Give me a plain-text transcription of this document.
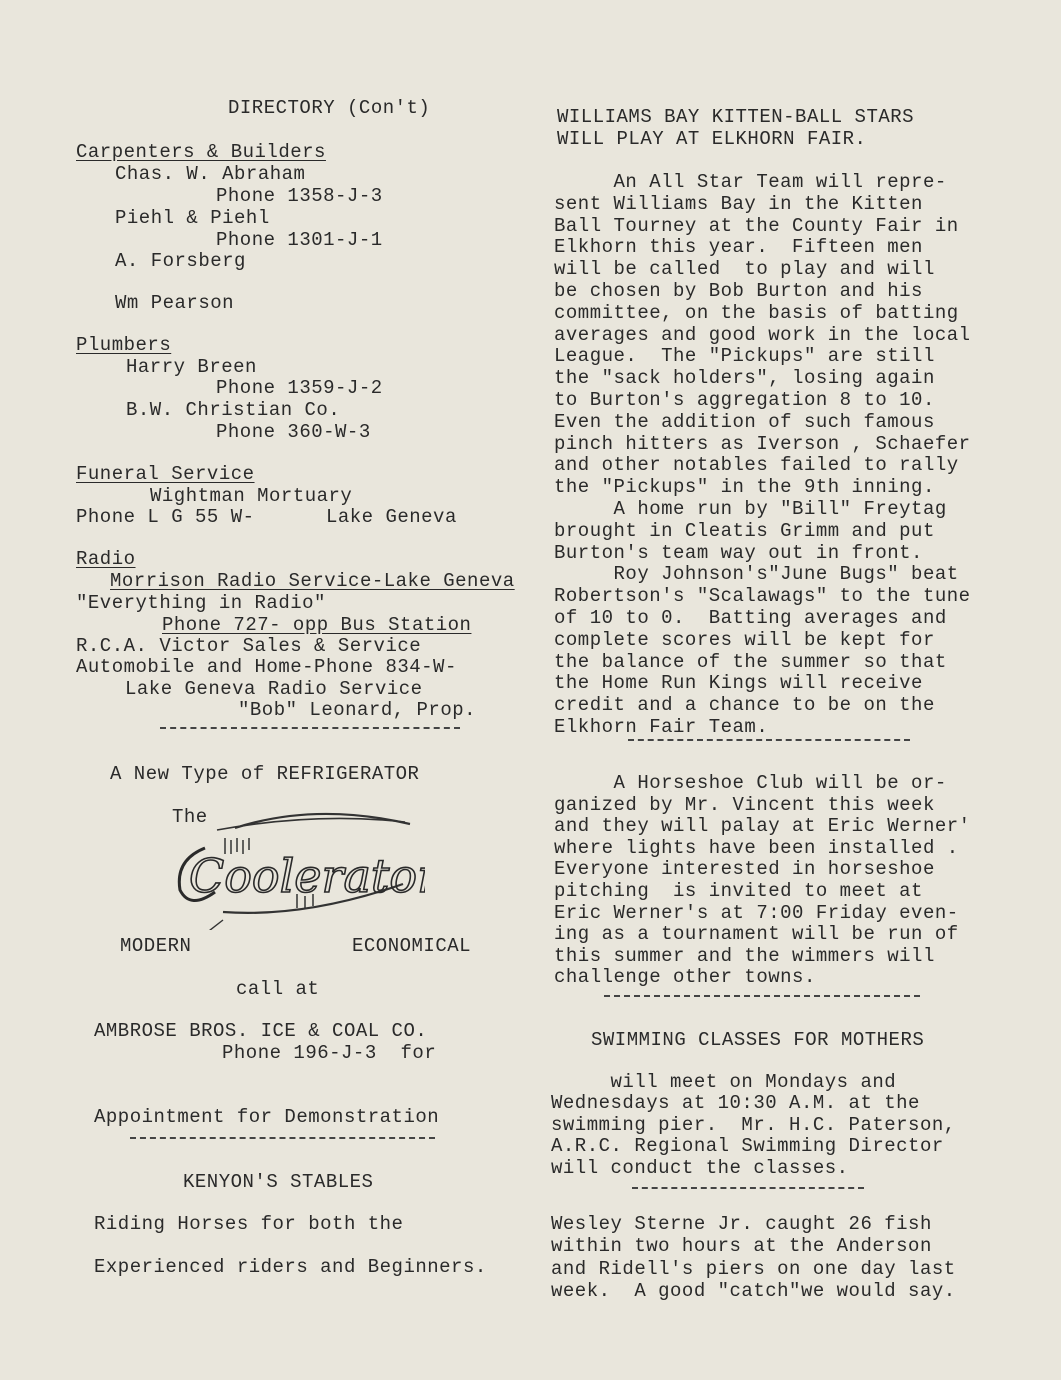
DIRECTORY (Con't)
Carpenters & Builders
Chas. W. Abraham
Phone 1358-J-3
Piehl & Piehl
Phone 1301-J-1
A. Forsberg
Wm Pearson
Plumbers
Harry Breen
Phone 1359-J-2
B.W. Christian Co.
Phone 360-W-3
Funeral Service
Wightman Mortuary
Phone L G 55 W-      Lake Geneva
Radio
Morrison Radio Service-Lake Geneva
"Everything in Radio"
Phone 727- opp Bus Station
R.C.A. Victor Sales & Service
Automobile and Home-Phone 834-W-
Lake Geneva Radio Service
"Bob" Leonard, Prop.
A New Type of REFRIGERATOR
The
Coolerator
MODERN	ECONOMICAL
call at
AMBROSE BROS. ICE & COAL CO.
Phone 196-J-3  for
Appointment for Demonstration
KENYON'S STABLES
Riding Horses for both the
Experienced riders and Beginners.
WILLIAMS BAY KITTEN-BALL STARS
WILL PLAY AT ELKHORN FAIR.
An All Star Team will repre-
sent Williams Bay in the Kitten
Ball Tourney at the County Fair in
Elkhorn this year.  Fifteen men
will be called  to play and will
be chosen by Bob Burton and his
committee, on the basis of batting
averages and good work in the local
League.  The "Pickups" are still
the "sack holders", losing again
to Burton's aggregation 8 to 10.
Even the addition of such famous
pinch hitters as Iverson , Schaefer
and other notables failed to rally
the "Pickups" in the 9th inning.
A home run by "Bill" Freytag
brought in Cleatis Grimm and put
Burton's team way out in front.
Roy Johnson's"June Bugs" beat
Robertson's "Scalawags" to the tune
of 10 to 0.  Batting averages and
complete scores will be kept for
the balance of the summer so that
the Home Run Kings will receive
credit and a chance to be on the
Elkhorn Fair Team.
A Horseshoe Club will be or-
ganized by Mr. Vincent this week
and they will palay at Eric Werner'
where lights have been installed .
Everyone interested in horseshoe
pitching  is invited to meet at
Eric Werner's at 7:00 Friday even-
ing as a tournament will be run of
this summer and the wimmers will
challenge other towns.
SWIMMING CLASSES FOR MOTHERS
will meet on Mondays and
Wednesdays at 10:30 A.M. at the
swimming pier.  Mr. H.C. Paterson,
A.R.C. Regional Swimming Director
will conduct the classes.
Wesley Sterne Jr. caught 26 fish
within two hours at the Anderson
and Ridell's piers on one day last
week.  A good "catch"we would say.
